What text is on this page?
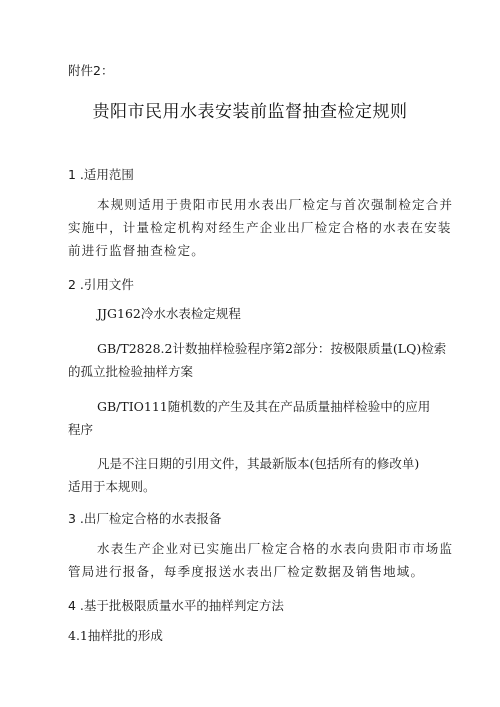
附件2：
贵阳市民用水表安装前监督抽查检定规则
1 .适用范围
本规则适用于贵阳市民用水表出厂检定与首次强制检定合并
实施中，计量检定机构对经生产企业出厂检定合格的水表在安装
前进行监督抽查检定。
2 .引用文件
JJG162冷水水表检定规程
GB/T2828.2计数抽样检验程序第2部分：按极限质量(LQ)检索
的孤立批检验抽样方案
GB/TIO111随机数的产生及其在产品质量抽样检验中的应用
程序
凡是不注日期的引用文件，其最新版本(包括所有的修改单)
适用于本规则。
3 .出厂检定合格的水表报备
水表生产企业对已实施出厂检定合格的水表向贵阳市市场监
管局进行报备，每季度报送水表出厂检定数据及销售地域。
4 .基于批极限质量水平的抽样判定方法
4.1抽样批的形成
